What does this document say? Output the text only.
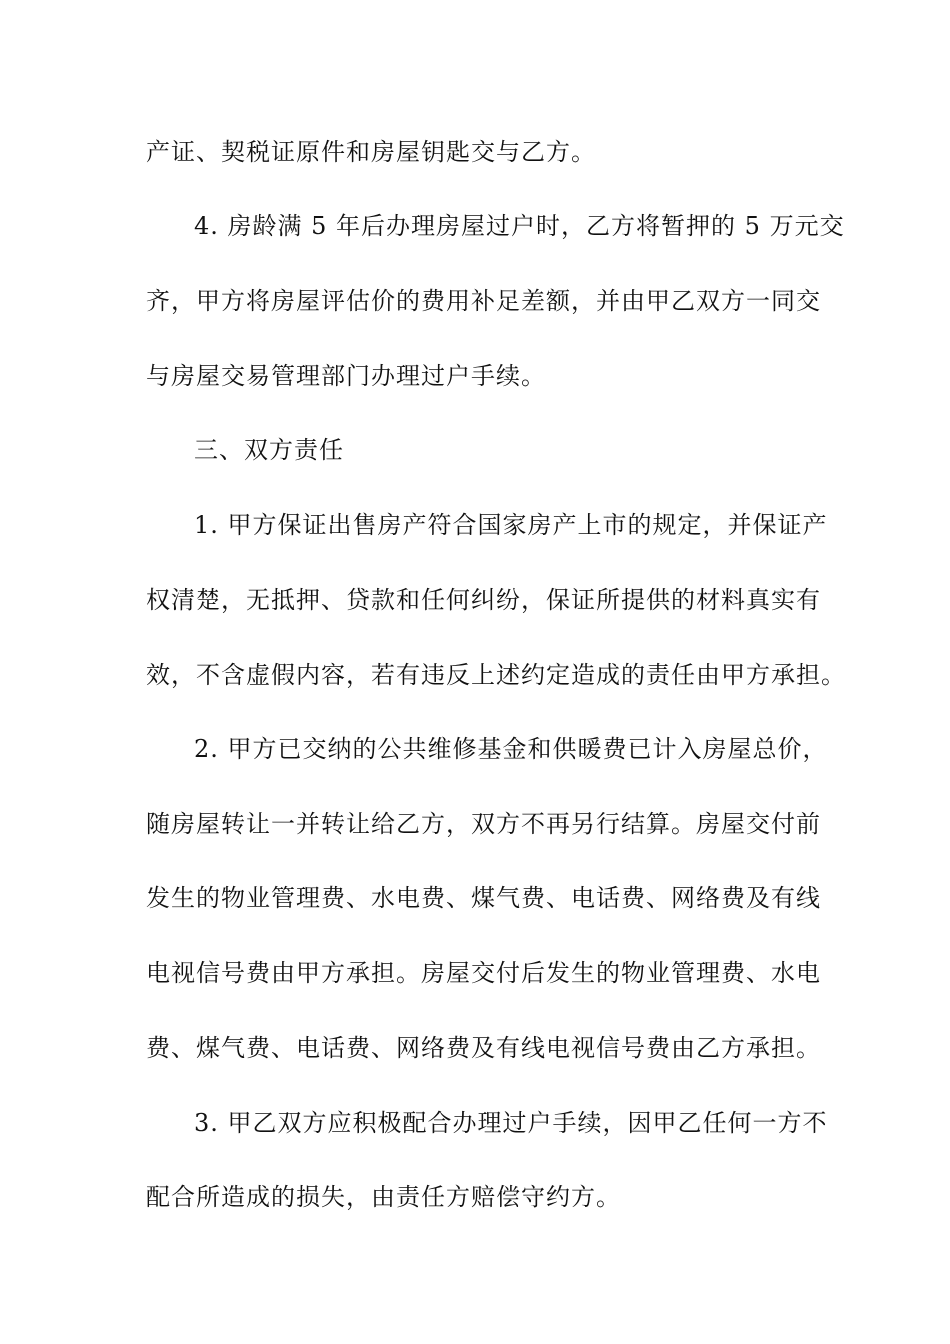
产证、契税证原件和房屋钥匙交与乙方。
4. 房龄满 5 年后办理房屋过户时，乙方将暂押的 5 万元交
齐，甲方将房屋评估价的费用补足差额，并由甲乙双方一同交
与房屋交易管理部门办理过户手续。
三、双方责任
1. 甲方保证出售房产符合国家房产上市的规定，并保证产
权清楚，无抵押、贷款和任何纠纷，保证所提供的材料真实有
效，不含虚假内容，若有违反上述约定造成的责任由甲方承担。
2. 甲方已交纳的公共维修基金和供暖费已计入房屋总价，
随房屋转让一并转让给乙方，双方不再另行结算。房屋交付前
发生的物业管理费、水电费、煤气费、电话费、网络费及有线
电视信号费由甲方承担。房屋交付后发生的物业管理费、水电
费、煤气费、电话费、网络费及有线电视信号费由乙方承担。
3. 甲乙双方应积极配合办理过户手续，因甲乙任何一方不
配合所造成的损失，由责任方赔偿守约方。
